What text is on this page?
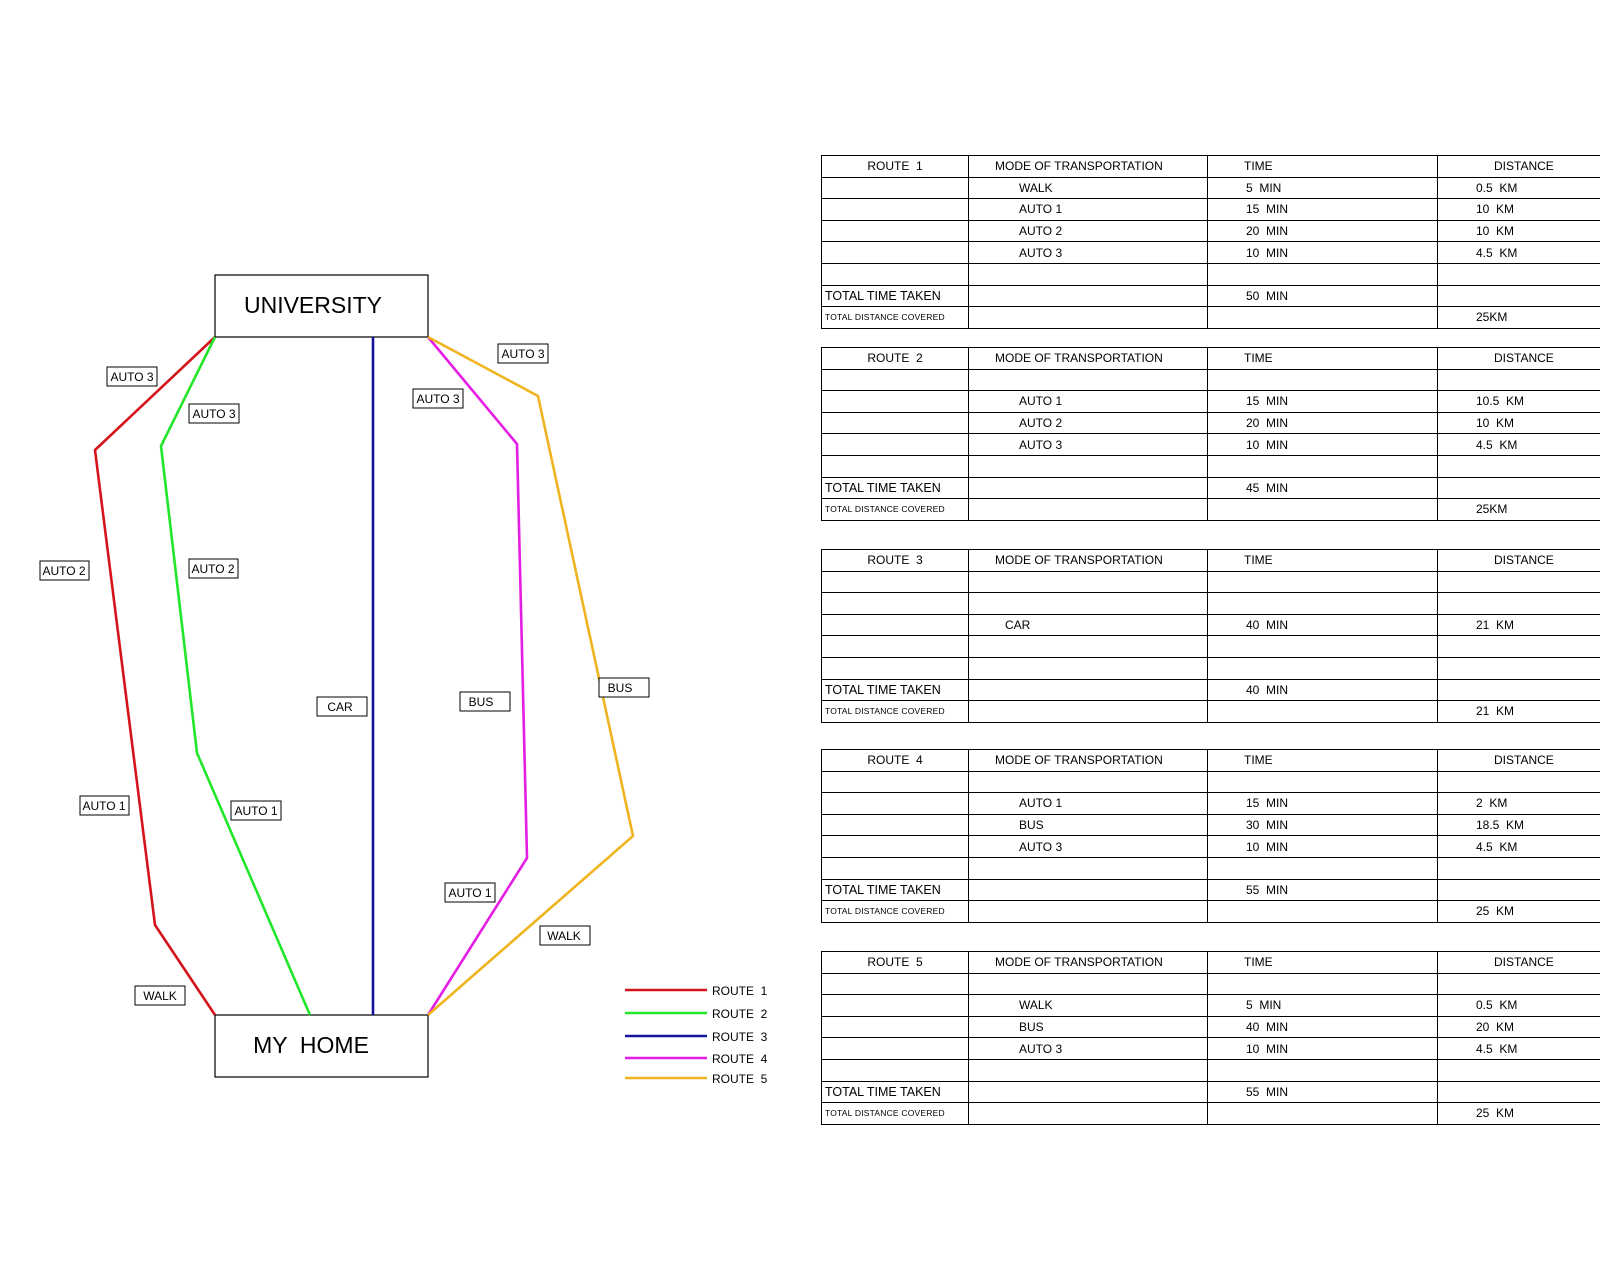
UNIVERSITY
MY  HOME
AUTO 3
AUTO 2
AUTO 1
WALK
AUTO 3
AUTO 2
AUTO 1
CAR
AUTO 3
BUS
AUTO 1
AUTO 3
BUS
WALK
ROUTE  1
ROUTE  2
ROUTE  3
ROUTE  4
ROUTE  5
ROUTE  1	MODE OF TRANSPORTATION	TIME	DISTANCE
	WALK	5  MIN	0.5  KM
	AUTO 1	15  MIN	10  KM
	AUTO 2	20  MIN	10  KM
	AUTO 3	10  MIN	4.5  KM

TOTAL TIME TAKEN		50  MIN	
TOTAL DISTANCE COVERED			25KM
ROUTE  2	MODE OF TRANSPORTATION	TIME	DISTANCE

	AUTO 1	15  MIN	10.5  KM
	AUTO 2	20  MIN	10  KM
	AUTO 3	10  MIN	4.5  KM

TOTAL TIME TAKEN		45  MIN	
TOTAL DISTANCE COVERED			25KM
ROUTE  3	MODE OF TRANSPORTATION	TIME	DISTANCE

	CAR	40  MIN	21  KM

TOTAL TIME TAKEN		40  MIN	
TOTAL DISTANCE COVERED			21  KM
ROUTE  4	MODE OF TRANSPORTATION	TIME	DISTANCE

	AUTO 1	15  MIN	2  KM
	BUS	30  MIN	18.5  KM
	AUTO 3	10  MIN	4.5  KM

TOTAL TIME TAKEN		55  MIN	
TOTAL DISTANCE COVERED			25  KM
ROUTE  5	MODE OF TRANSPORTATION	TIME	DISTANCE

	WALK	5  MIN	0.5  KM
	BUS	40  MIN	20  KM
	AUTO 3	10  MIN	4.5  KM

TOTAL TIME TAKEN		55  MIN	
TOTAL DISTANCE COVERED			25  KM
